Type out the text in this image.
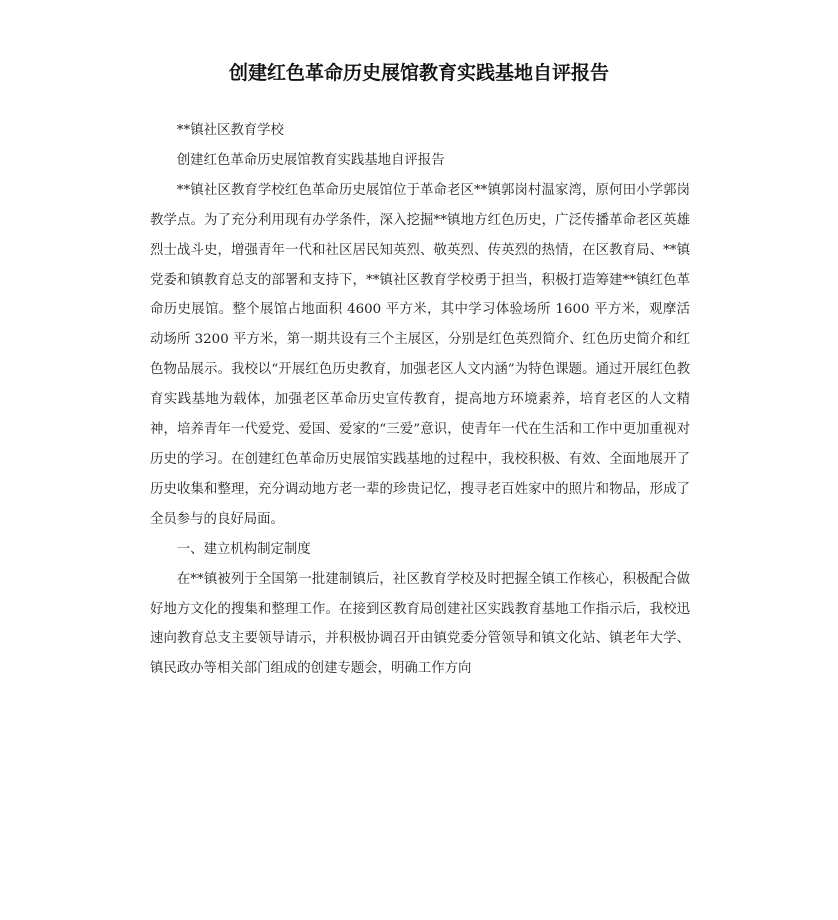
创建红色革命历史展馆教育实践基地自评报告

**镇社区教育学校

创建红色革命历史展馆教育实践基地自评报告

**镇社区教育学校红色革命历史展馆位于革命老区**镇郭岗村温家湾，原何田小学郭岗教学点。为了充分利用现有办学条件，深入挖掘**镇地方红色历史，广泛传播革命老区英雄烈士战斗史，增强青年一代和社区居民知英烈、敬英烈、传英烈的热情，在区教育局、**镇党委和镇教育总支的部署和支持下，**镇社区教育学校勇于担当，积极打造筹建**镇红色革命历史展馆。整个展馆占地面积 4600 平方米，其中学习体验场所 1600 平方米，观摩活动场所 3200 平方米，第一期共设有三个主展区，分别是红色英烈简介、红色历史简介和红色物品展示。我校以“开展红色历史教育，加强老区人文内涵”为特色课题。通过开展红色教育实践基地为载体，加强老区革命历史宣传教育，提高地方环境素养，培育老区的人文精神，培养青年一代爱党、爱国、爱家的“三爱”意识，使青年一代在生活和工作中更加重视对历史的学习。在创建红色革命历史展馆实践基地的过程中，我校积极、有效、全面地展开了历史收集和整理，充分调动地方老一辈的珍贵记忆，搜寻老百姓家中的照片和物品，形成了全员参与的良好局面。

一、建立机构制定制度

在**镇被列于全国第一批建制镇后，社区教育学校及时把握全镇工作核心，积极配合做好地方文化的搜集和整理工作。在接到区教育局创建社区实践教育基地工作指示后，我校迅速向教育总支主要领导请示，并积极协调召开由镇党委分管领导和镇文化站、镇老年大学、镇民政办等相关部门组成的创建专题会，明确工作方向
